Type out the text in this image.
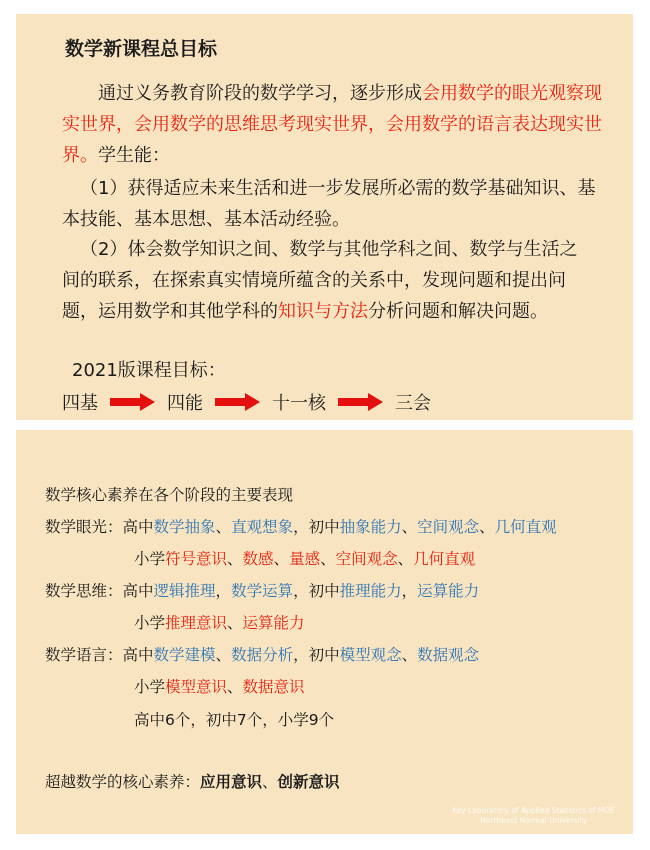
数学新课程总目标

通过义务教育阶段的数学学习，逐步形成会用数学的眼光观察现实世界，会用数学的思维思考现实世界，会用数学的语言表达现实世界。学生能：

（1）获得适应未来生活和进一步发展所必需的数学基础知识、基本技能、基本思想、基本活动经验。

（2）体会数学知识之间、数学与其他学科之间、数学与生活之间的联系，在探索真实情境所蕴含的关系中，发现问题和提出问题，运用数学和其他学科的知识与方法分析问题和解决问题。

2021版课程目标：
四基	四能	十一核	三会
数学核心素养在各个阶段的主要表现
数学眼光：高中数学抽象、直观想象，初中抽象能力、空间观念、几何直观
小学符号意识、数感、量感、空间观念、几何直观
数学思维：高中逻辑推理，数学运算，初中推理能力，运算能力
小学推理意识、运算能力
数学语言：高中数学建模、数据分析，初中模型观念、数据观念
小学模型意识、数据意识
高中6个，初中7个，小学9个
超越数学的核心素养：应用意识、创新意识
Key Laboratory of Applied Statistics of MOE
Northeast Normal University
